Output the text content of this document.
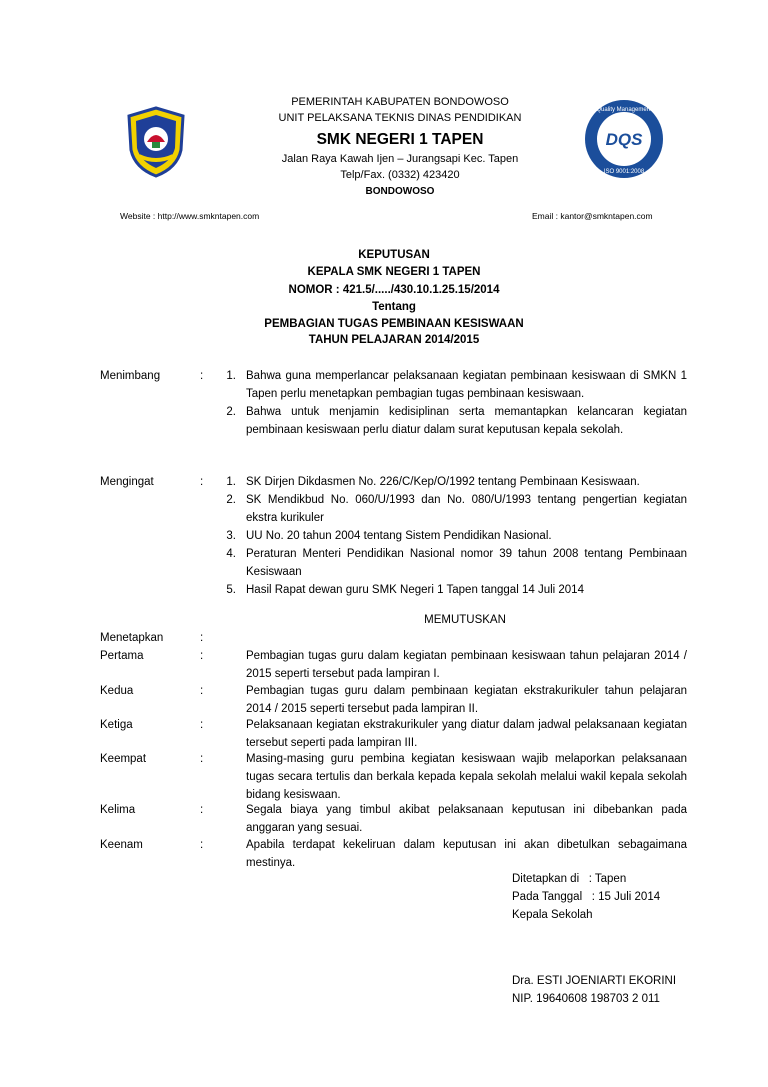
DQS
Quality Management
ISO 9001:2008
PEMERINTAH KABUPATEN BONDOWOSO
UNIT PELAKSANA TEKNIS DINAS PENDIDIKAN
SMK NEGERI 1 TAPEN
Jalan Raya Kawah Ijen – Jurangsapi Kec. Tapen
Telp/Fax. (0332) 423420
BONDOWOSO
Website : http://www.smkntapen.com	Email : kantor@smkntapen.com
KEPUTUSAN
KEPALA SMK NEGERI 1 TAPEN
NOMOR : 421.5/...../430.10.1.25.15/2014
Tentang
PEMBAGIAN TUGAS PEMBINAAN KESISWAAN
TAHUN PELAJARAN 2014/2015
Menimbang	:	1. Bahwa guna memperlancar pelaksanaan kegiatan pembinaan kesiswaan di SMKN 1 Tapen perlu menetapkan pembagian tugas pembinaan kesiswaan.
2. Bahwa untuk menjamin kedisiplinan serta memantapkan kelancaran kegiatan pembinaan kesiswaan perlu diatur dalam surat keputusan kepala sekolah.
Mengingat	:	1. SK Dirjen Dikdasmen No. 226/C/Kep/O/1992 tentang Pembinaan Kesiswaan.
2. SK Mendikbud No. 060/U/1993 dan No. 080/U/1993 tentang pengertian kegiatan ekstra kurikuler
3. UU No. 20 tahun 2004 tentang Sistem Pendidikan Nasional.
4. Peraturan Menteri Pendidikan Nasional nomor 39 tahun 2008 tentang Pembinaan Kesiswaan
5. Hasil Rapat dewan guru SMK Negeri 1 Tapen tanggal 14 Juli 2014
MEMUTUSKAN
Menetapkan	:
Pertama	:	Pembagian tugas guru dalam kegiatan pembinaan kesiswaan tahun pelajaran 2014 / 2015 seperti tersebut pada lampiran I.
Kedua	:	Pembagian tugas guru dalam pembinaan kegiatan ekstrakurikuler tahun pelajaran 2014 / 2015 seperti tersebut pada lampiran II.
Ketiga	:	Pelaksanaan kegiatan ekstrakurikuler yang diatur dalam jadwal pelaksanaan kegiatan tersebut seperti pada lampiran III.
Keempat	:	Masing-masing guru pembina kegiatan kesiswaan wajib melaporkan pelaksanaan tugas secara tertulis dan berkala kepada kepala sekolah melalui wakil kepala sekolah bidang kesiswaan.
Kelima	:	Segala biaya yang timbul akibat pelaksanaan keputusan ini dibebankan pada anggaran yang sesuai.
Keenam	:	Apabila terdapat kekeliruan dalam keputusan ini akan dibetulkan sebagaimana mestinya.
Ditetapkan di   : Tapen
Pada Tanggal   : 15 Juli 2014
Kepala Sekolah
Dra. ESTI JOENIARTI EKORINI
NIP. 19640608 198703 2 011
